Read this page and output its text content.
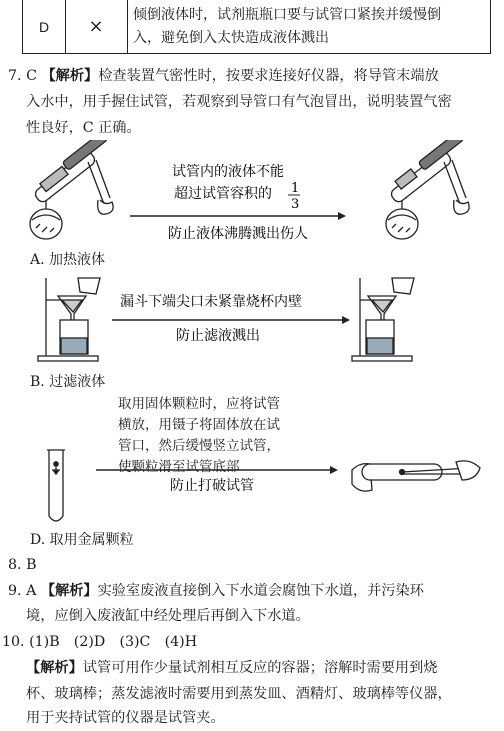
D	×
倾倒液体时，试剂瓶瓶口要与试管口紧挨并缓慢倒
入，避免倒入太快造成液体溅出
7. C 【解析】检查装置气密性时，按要求连接好仪器，将导管末端放
入水中，用手握住试管，若观察到导管口有气泡冒出，说明装置气密
性良好，C 正确。
试管内的液体不能
超过试管容积的 1
3
防止液体沸腾溅出伤人
A. 加热液体
漏斗下端尖口未紧靠烧杯内壁
防止滤液溅出
B. 过滤液体
取用固体颗粒时，应将试管
横放，用镊子将固体放在试
管口，然后缓慢竖立试管，
使颗粒滑至试管底部
防止打破试管
D. 取用金属颗粒
8. B
9. A 【解析】实验室废液直接倒入下水道会腐蚀下水道，并污染环
境，应倒入废液缸中经处理后再倒入下水道。
10. (1)B　(2)D　(3)C　(4)H
【解析】试管可用作少量试剂相互反应的容器；溶解时需要用到烧
杯、玻璃棒；蒸发滤液时需要用到蒸发皿、酒精灯、玻璃棒等仪器，
用于夹持试管的仪器是试管夹。
